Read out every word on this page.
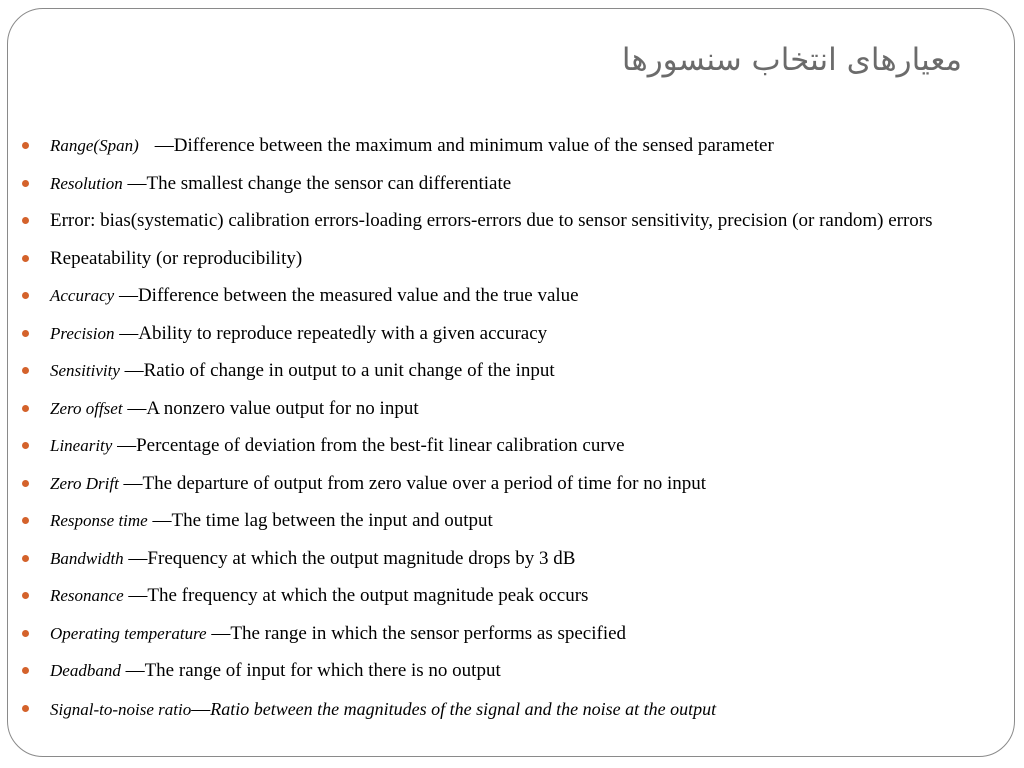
معیارهای انتخاب سنسورها
Range(Span) —Difference between the maximum and minimum value of the sensed parameter
Resolution —The smallest change the sensor can differentiate
Error: bias(systematic) calibration errors-loading errors-errors due to sensor sensitivity, precision (or random) errors
Repeatability (or reproducibility)
Accuracy —Difference between the measured value and the true value
Precision —Ability to reproduce repeatedly with a given accuracy
Sensitivity —Ratio of change in output to a unit change of the input
Zero offset —A nonzero value output for no input
Linearity —Percentage of deviation from the best-fit linear calibration curve
Zero Drift —The departure of output from zero value over a period of time for no input
Response time —The time lag between the input and output
Bandwidth —Frequency at which the output magnitude drops by 3 dB
Resonance —The frequency at which the output magnitude peak occurs
Operating temperature —The range in which the sensor performs as specified
Deadband —The range of input for which there is no output
Signal-to-noise ratio—Ratio between the magnitudes of the signal and the noise at the output
